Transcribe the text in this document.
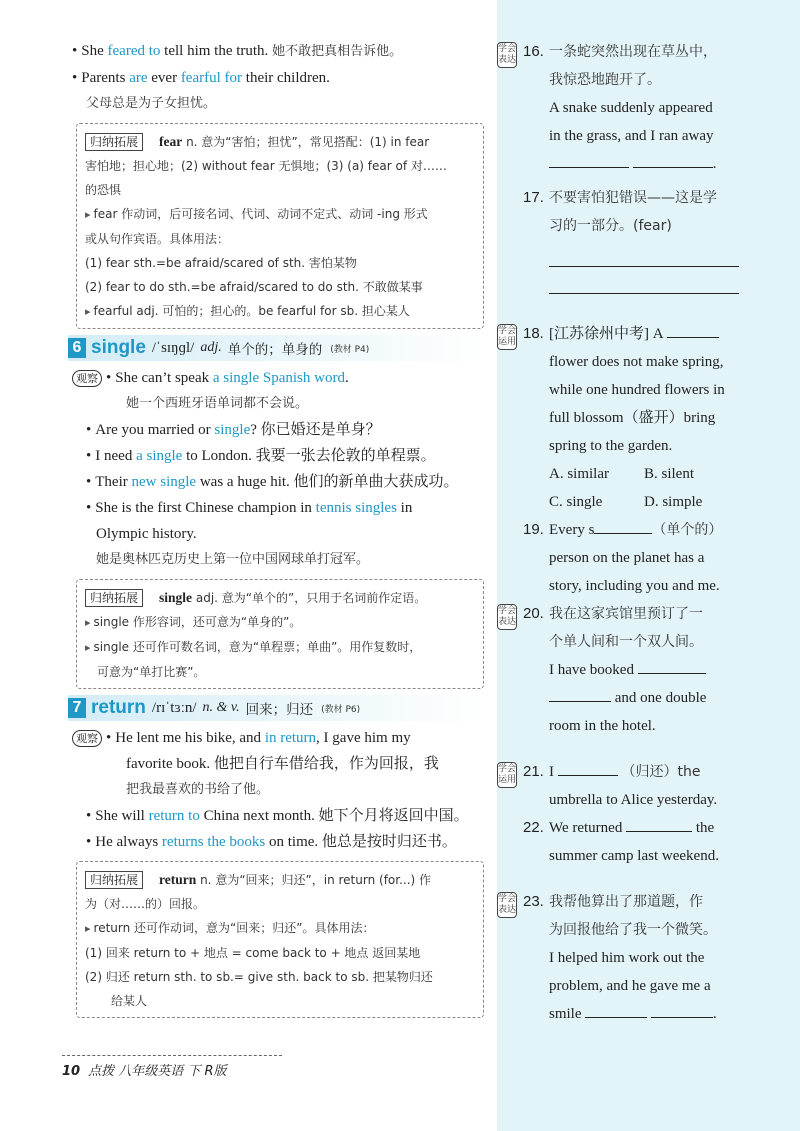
• She feared to tell him the truth. 她不敢把真相告诉他。
• Parents are ever fearful for their children.
父母总是为子女担忧。
归纳拓展 fear n. 意为“害怕；担忧”，常见搭配：(1) in fear
害怕地；担心地；(2) without fear 无惧地；(3) (a) fear of 对……
的恐惧
▸ fear 作动词，后可接名词、代词、动词不定式、动词 -ing 形式
或从句作宾语。具体用法：
(1) fear sth.=be afraid/scared of sth. 害怕某物
(2) fear to do sth.=be afraid/scared to do sth. 不敢做某事
▸ fearful adj. 可怕的；担心的。be fearful for sb. 担心某人
6 single /ˈsɪŋɡl/ adj. 单个的；单身的 (教材 P4)
观察 • She can’t speak a single Spanish word.
她一个西班牙语单词都不会说。
• Are you married or single? 你已婚还是单身？
• I need a single to London. 我要一张去伦敦的单程票。
• Their new single was a huge hit. 他们的新单曲大获成功。
• She is the first Chinese champion in tennis singles in
Olympic history.
她是奥林匹克历史上第一位中国网球单打冠军。
归纳拓展 single adj. 意为“单个的”，只用于名词前作定语。
▸ single 作形容词，还可意为“单身的”。
▸ single 还可作可数名词，意为“单程票；单曲”。用作复数时，
可意为“单打比赛”。
7 return /rɪˈtɜːn/ n. & v. 回来；归还 (教材 P6)
观察 • He lent me his bike, and in return, I gave him my
favorite book. 他把自行车借给我，作为回报，我
把我最喜欢的书给了他。
• She will return to China next month. 她下个月将返回中国。
• He always returns the books on time. 他总是按时归还书。
归纳拓展 return n. 意为“回来；归还”，in return (for...) 作
为（对……的）回报。
▸ return 还可作动词，意为“回来；归还”。具体用法：
(1) 回来 return to + 地点 = come back to + 地点 返回某地
(2) 归还 return sth. to sb.= give sth. back to sb. 把某物归还
给某人
10 点拨 八年级英语 下 R版
学会表达 16. 一条蛇突然出现在草丛中，
我惊恐地跑开了。
A snake suddenly appeared
in the grass, and I ran away
.
17. 不要害怕犯错误——这是学
习的一部分。(fear)
学会运用 18. [江苏徐州中考] A
flower does not make spring,
while one hundred flowers in
full blossom（盛开）bring
spring to the garden.
A. similar	B. silent
C. single	D. simple
19. Every s	（单个的）
person on the planet has a
story, including you and me.
学会表达 20. 我在这家宾馆里预订了一
个单人间和一个双人间。
I have booked
and one double
room in the hotel.
学会运用 21. I	（归还）the
umbrella to Alice yesterday.
22. We returned	the
summer camp last weekend.
学会表达 23. 我帮他算出了那道题，作
为回报他给了我一个微笑。
I helped him work out the
problem, and he gave me a
smile	.
